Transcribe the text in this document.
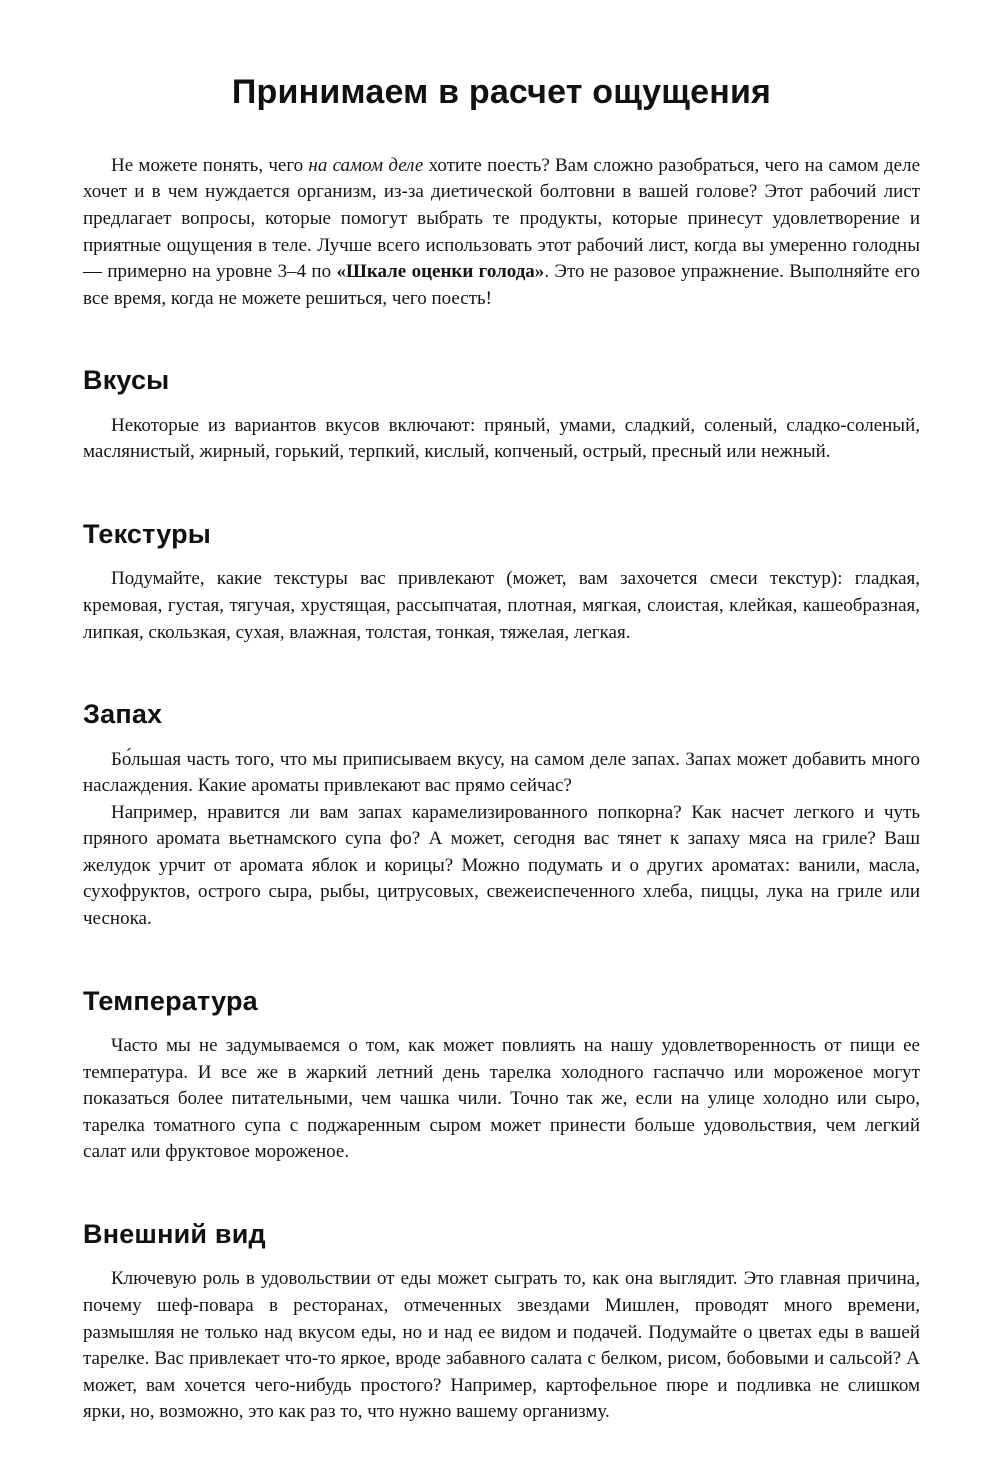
Принимаем в расчет ощущения

Не можете понять, чего на самом деле хотите поесть? Вам сложно разобраться, чего на самом деле хочет и в чем нуждается организм, из-за диетической болтовни в вашей голове? Этот рабочий лист предлагает вопросы, которые помогут выбрать те продукты, которые принесут удовлетворение и приятные ощущения в теле. Лучше всего использовать этот рабочий лист, когда вы умеренно голодны — примерно на уровне 3–4 по «Шкале оценки голода». Это не разовое упражнение. Выполняйте его все время, когда не можете решиться, чего поесть!

Вкусы

Некоторые из вариантов вкусов включают: пряный, умами, сладкий, соленый, сладко-соленый, маслянистый, жирный, горький, терпкий, кислый, копченый, острый, пресный или нежный.

Текстуры

Подумайте, какие текстуры вас привлекают (может, вам захочется смеси текстур): гладкая, кремовая, густая, тягучая, хрустящая, рассыпчатая, плотная, мягкая, слоистая, клейкая, кашеобразная, липкая, скользкая, сухая, влажная, толстая, тонкая, тяжелая, легкая.

Запах

Бо́льшая часть того, что мы приписываем вкусу, на самом деле запах. Запах может добавить много наслаждения. Какие ароматы привлекают вас прямо сейчас?

Например, нравится ли вам запах карамелизированного попкорна? Как насчет легкого и чуть пряного аромата вьетнамского супа фо? А может, сегодня вас тянет к запаху мяса на гриле? Ваш желудок урчит от аромата яблок и корицы? Можно подумать и о других ароматах: ванили, масла, сухофруктов, острого сыра, рыбы, цитрусовых, свежеиспеченного хлеба, пиццы, лука на гриле или чеснока.

Температура

Часто мы не задумываемся о том, как может повлиять на нашу удовлетворенность от пищи ее температура. И все же в жаркий летний день тарелка холодного гаспаччо или мороженое могут показаться более питательными, чем чашка чили. Точно так же, если на улице холодно или сыро, тарелка томатного супа с поджаренным сыром может принести больше удовольствия, чем легкий салат или фруктовое мороженое.

Внешний вид

Ключевую роль в удовольствии от еды может сыграть то, как она выглядит. Это главная причина, почему шеф-повара в ресторанах, отмеченных звездами Мишлен, проводят много времени, размышляя не только над вкусом еды, но и над ее видом и подачей. Подумайте о цветах еды в вашей тарелке. Вас привлекает что-то яркое, вроде забавного салата с белком, рисом, бобовыми и сальсой? А может, вам хочется чего-нибудь простого? Например, картофельное пюре и подливка не слишком ярки, но, возможно, это как раз то, что нужно вашему организму.
